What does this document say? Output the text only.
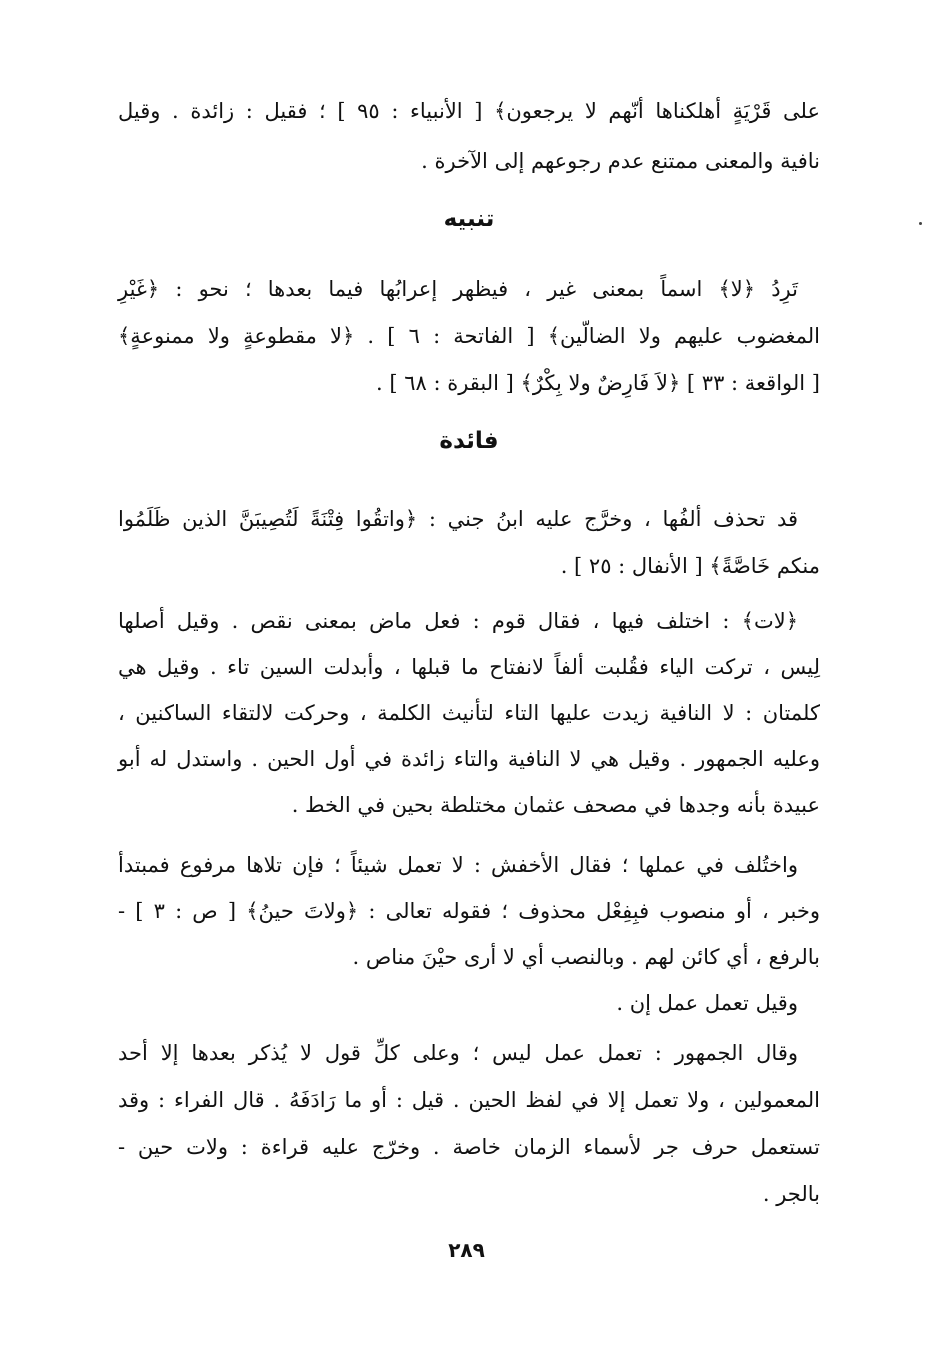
على قَرْيَةٍ أهلكناها أنّهم لا يرجعون﴾ [ الأنبياء : ٩٥ ] ؛ فقيل : زائدة . وقيل
نافية والمعنى ممتنع عدم رجوعهم إلى الآخرة .
تنبيه
تَرِدُ ﴿لا﴾ اسماً بمعنى غير ، فيظهر إعرابُها فيما بعدها ؛ نحو : ﴿غَيْرِ
المغضوب عليهم ولا الضالّين﴾ [ الفاتحة : ٦ ] . ﴿لا مقطوعةٍ ولا ممنوعةٍ﴾
[ الواقعة : ٣٣ ] ﴿لاَ فَارِضٌ ولا بِكْرٌ﴾ [ البقرة : ٦٨ ] .
فائدة
قد تحذف ألفُها ، وخرَّج عليه ابنُ جني : ﴿واتقُوا فِتْنَةً لَتُصِيبَنَّ الذين ظَلَمُوا
منكم خَاصَّةً﴾ [ الأنفال : ٢٥ ] .
﴿لات﴾ : اختلف فيها ، فقال قوم : فعل ماض بمعنى نقص . وقيل أصلها
لِيس ، تركت الياء فقُلبت ألفاً لانفتاح ما قبلها ، وأبدلت السين تاء . وقيل هي
كلمتان : لا النافية زيدت عليها التاء لتأنيث الكلمة ، وحركت لالتقاء الساكنين ،
وعليه الجمهور . وقيل هي لا النافية والتاء زائدة في أول الحين . واستدل له أبو
عبيدة بأنه وجدها في مصحف عثمان مختلطة بحين في الخط .
واختُلف في عملها ؛ فقال الأخفش : لا تعمل شيئاً ؛ فإن تلاها مرفوع فمبتدأ
وخبر ، أو منصوب فبِفِعْل محذوف ؛ فقوله تعالى : ﴿ولاتَ حينُ﴾ [ ص : ٣ ] -
بالرفع ، أي كائن لهم . وبالنصب أي لا أرى حيْنَ مناص .
وقيل تعمل عمل إن .
وقال الجمهور : تعمل عمل ليس ؛ وعلى كلِّ قول لا يُذكر بعدها إلا أحد
المعمولين ، ولا تعمل إلا في لفظ الحين . قيل : أو ما رَادَفَهُ . قال الفراء : وقد
تستعمل حرف جر لأسماء الزمان خاصة . وخرّج عليه قراءة : ولات حين -
بالجر .
٢٨٩
